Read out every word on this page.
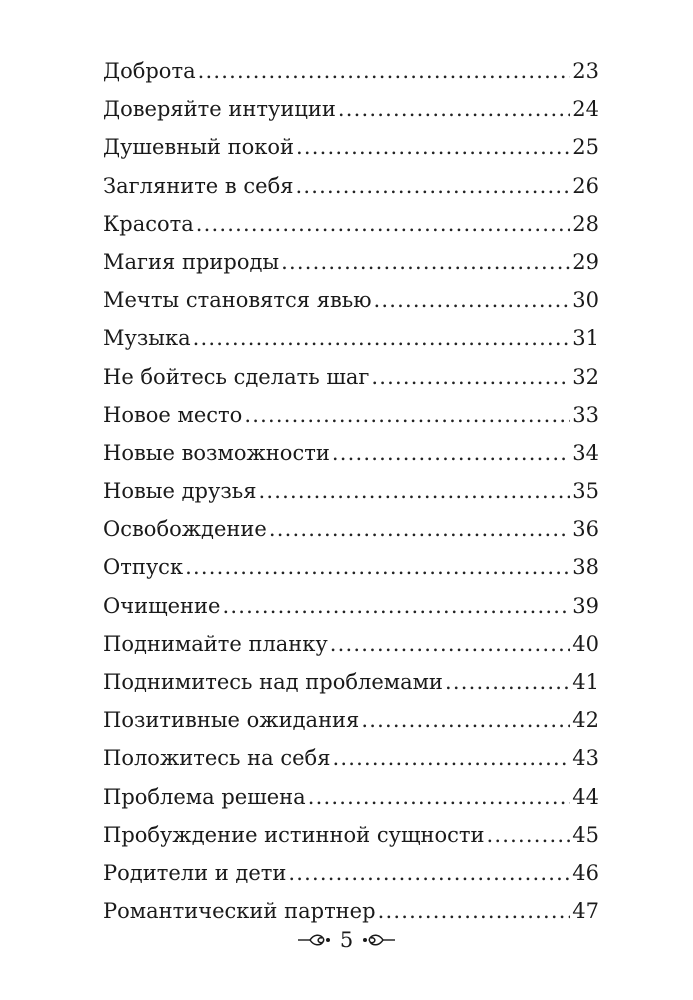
Доброта .....	23
Доверяйте интуиции .....	24
Душевный покой .....	25
Загляните в себя .....	26
Красота .....	28
Магия природы .....	29
Мечты становятся явью .....	30
Музыка .....	31
Не бойтесь сделать шаг .....	32
Новое место .....	33
Новые возможности .....	34
Новые друзья .....	35
Освобождение .....	36
Отпуск .....	38
Очищение .....	39
Поднимайте планку .....	40
Поднимитесь над проблемами .....	41
Позитивные ожидания .....	42
Положитесь на себя .....	43
Проблема решена .....	44
Пробуждение истинной сущности .....	45
Родители и дети .....	46
Романтический партнер .....	47
5
